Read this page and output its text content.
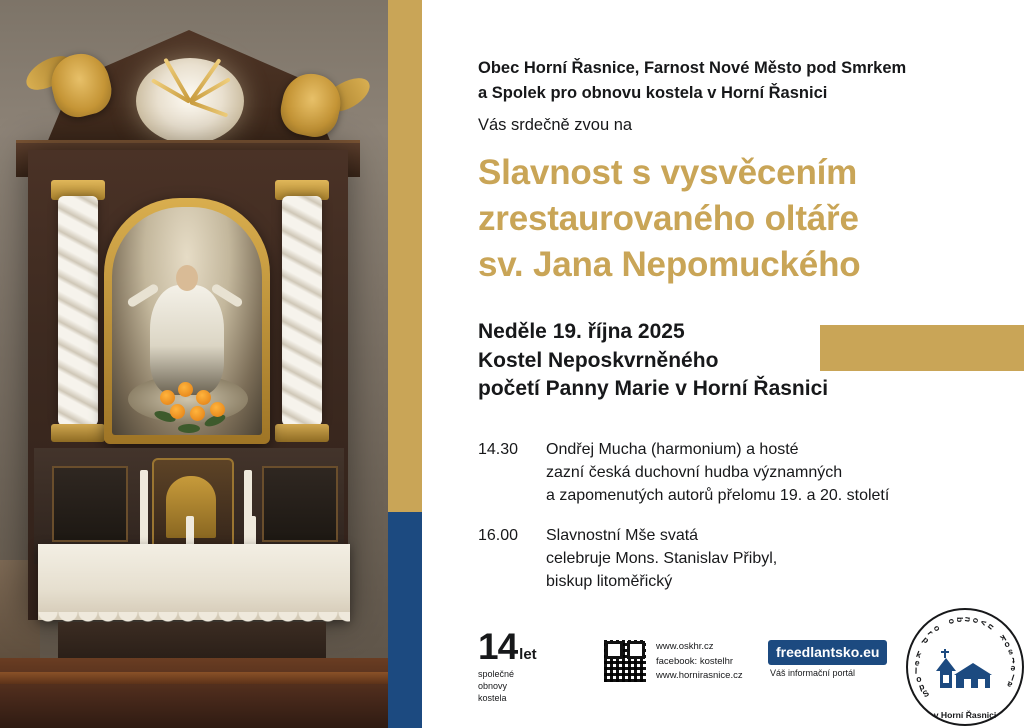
Obec Horní Řasnice, Farnost Nové Město pod Smrkem
a Spolek pro obnovu kostela v Horní Řasnici
Vás srdečně zvou na
Slavnost s vysvěcením
zrestaurovaného oltáře
sv. Jana Nepomuckého
Neděle 19. října 2025
Kostel Neposkvrněného
početí Panny Marie v Horní Řasnici
14.30	Ondřej Mucha (harmonium) a hosté
zazní česká duchovní hudba významných
a zapomenutých autorů přelomu 19. a 20. století
16.00	Slavnostní Mše svatá
celebruje Mons. Stanislav Přibyl,
biskup litoměřický
14 let
společné
obnovy
kostela
www.oskhr.cz
facebook: kostelhr
www.hornirasnice.cz
freedlantsko.eu
Váš informační portál
S
p
o
l
e
k
p
r
o
o
b
n
o
v
u
k
o
s
t
e
l
a
v Horní Řasnici
